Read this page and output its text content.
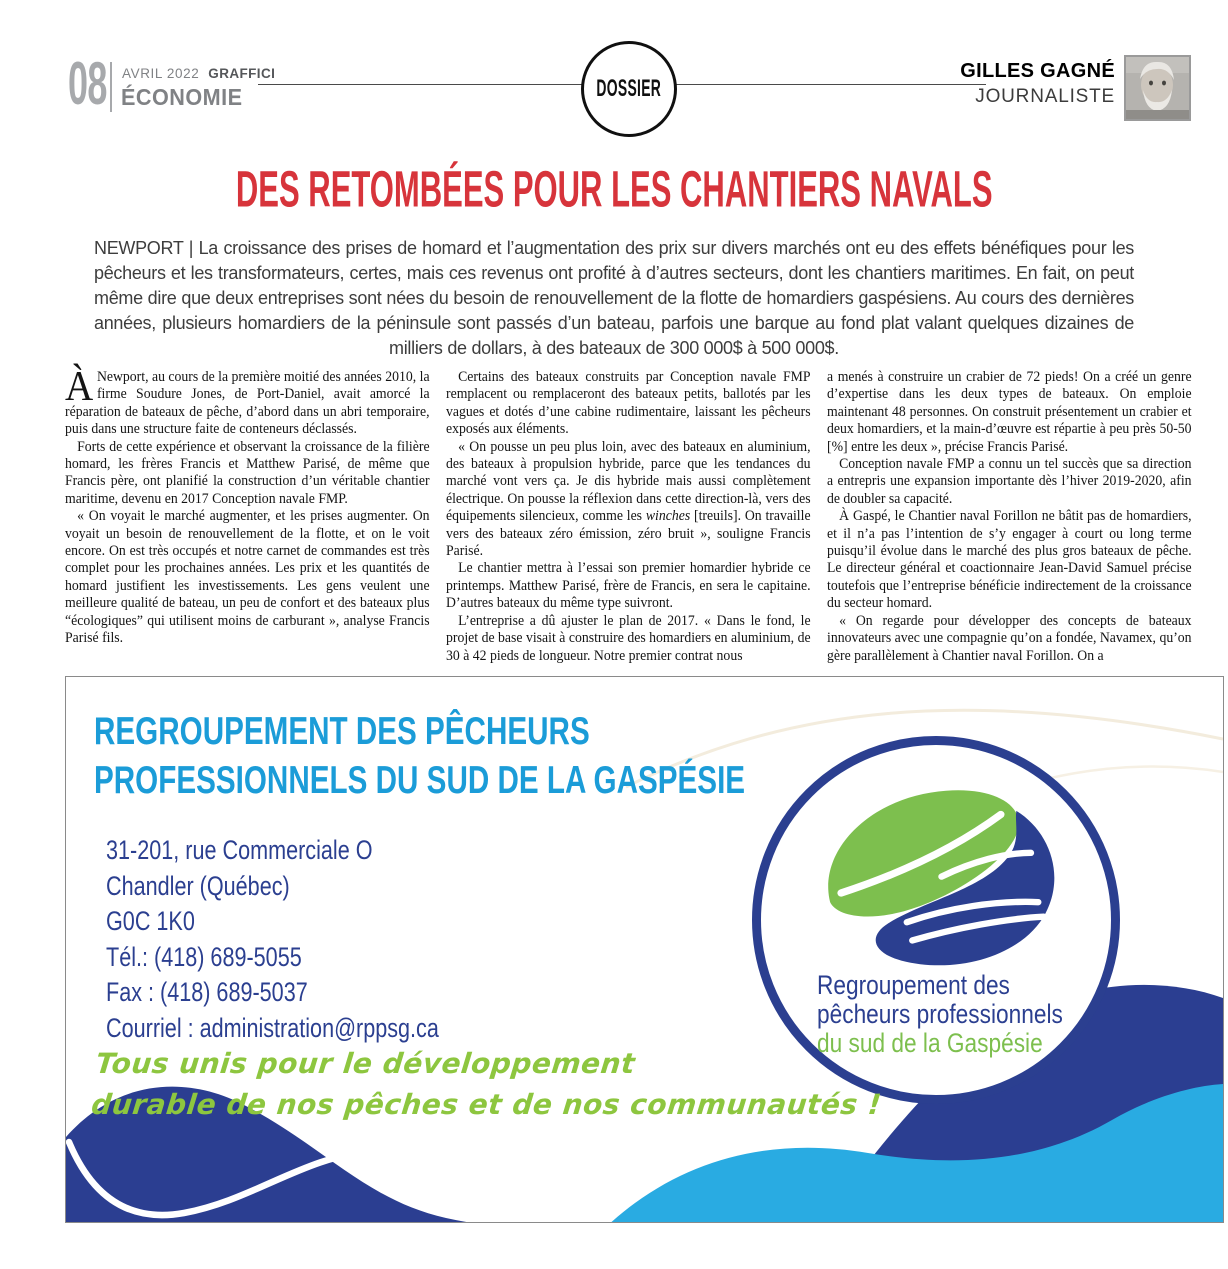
08 AVRIL 2022 GRAFFICI
ÉCONOMIE	DOSSIER
GILLES GAGNÉ
JOURNALISTE
DES RETOMBÉES POUR LES CHANTIERS NAVALS
NEWPORT | La croissance des prises de homard et l’augmentation des prix sur divers marchés ont eu des effets bénéfiques pour les pêcheurs et les transformateurs, certes, mais ces revenus ont profité à d’autres secteurs, dont les chantiers maritimes. En fait, on peut même dire que deux entreprises sont nées du besoin de renouvellement de la flotte de homardiers gaspésiens. Au cours des dernières années, plusieurs homardiers de la péninsule sont passés d’un bateau, parfois une barque au fond plat valant quelques dizaines de milliers de dollars, à des bateaux de 300 000$ à 500 000$.

À Newport, au cours de la première moitié des années 2010, la firme Soudure Jones, de Port-Daniel, avait amorcé la réparation de bateaux de pêche, d’abord dans un abri temporaire, puis dans une structure faite de conteneurs déclassés.

Forts de cette expérience et observant la croissance de la filière homard, les frères Francis et Matthew Parisé, de même que Francis père, ont planifié la construction d’un véritable chantier maritime, devenu en 2017 Conception navale FMP.

« On voyait le marché augmenter, et les prises augmenter. On voyait un besoin de renouvellement de la flotte, et on le voit encore. On est très occupés et notre carnet de commandes est très complet pour les prochaines années. Les prix et les quantités de homard justifient les investissements. Les gens veulent une meilleure qualité de bateau, un peu de confort et des bateaux plus “écologiques” qui utilisent moins de carburant », analyse Francis Parisé fils.

Certains des bateaux construits par Conception navale FMP remplacent ou remplaceront des bateaux petits, ballotés par les vagues et dotés d’une cabine rudimentaire, laissant les pêcheurs exposés aux éléments.

« On pousse un peu plus loin, avec des bateaux en aluminium, des bateaux à propulsion hybride, parce que les tendances du marché vont vers ça. Je dis hybride mais aussi complètement électrique. On pousse la réflexion dans cette direction-là, vers des équipements silencieux, comme les winches [treuils]. On travaille vers des bateaux zéro émission, zéro bruit », souligne Francis Parisé.

Le chantier mettra à l’essai son premier homardier hybride ce printemps. Matthew Parisé, frère de Francis, en sera le capitaine. D’autres bateaux du même type suivront.

L’entreprise a dû ajuster le plan de 2017. « Dans le fond, le projet de base visait à construire des homardiers en aluminium, de 30 à 42 pieds de longueur. Notre premier contrat nous

a menés à construire un crabier de 72 pieds! On a créé un genre d’expertise dans les deux types de bateaux. On emploie maintenant 48 personnes. On construit présentement un crabier et deux homardiers, et la main-d’œuvre est répartie à peu près 50-50 [%] entre les deux », précise Francis Parisé.

Conception navale FMP a connu un tel succès que sa direction a entrepris une expansion importante dès l’hiver 2019-2020, afin de doubler sa capacité.

À Gaspé, le Chantier naval Forillon ne bâtit pas de homardiers, et il n’a pas l’intention de s’y engager à court ou long terme puisqu’il évolue dans le marché des plus gros bateaux de pêche. Le directeur général et coactionnaire Jean-David Samuel précise toutefois que l’entreprise bénéficie indirectement de la croissance du secteur homard.

« On regarde pour développer des concepts de bateaux innovateurs avec une compagnie qu’on a fondée, Navamex, qu’on gère parallèlement à Chantier naval Forillon. On a

REGROUPEMENT DES PÊCHEURS
PROFESSIONNELS DU SUD DE LA GASPÉSIE
31-201, rue Commerciale O
Chandler (Québec)
G0C 1K0
Tél.: (418) 689-5055
Fax : (418) 689-5037
Courriel : administration@rppsg.ca
Tous unis pour le développement
durable de nos pêches et de nos communautés !
Regroupement des
pêcheurs professionnels
du sud de la Gaspésie
